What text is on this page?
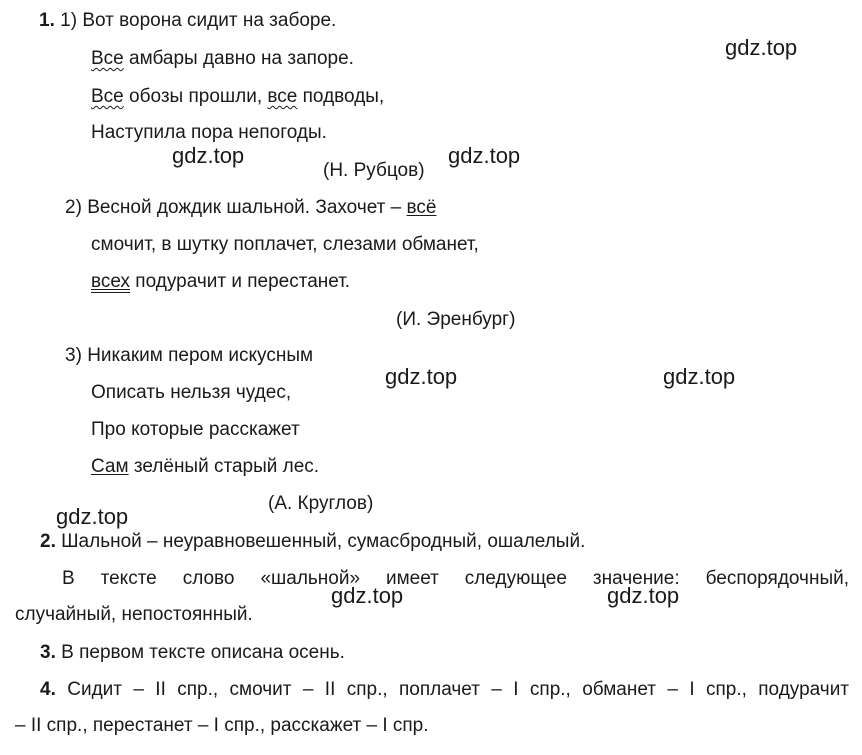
gdz.top
gdz.top	gdz.top
gdz.top	gdz.top
gdz.top
gdz.top	gdz.top
1. 1) Вот ворона сидит на заборе.
Все амбары давно на запоре.
Все обозы прошли, все подводы,
Наступила пора непогоды.
(Н. Рубцов)
2) Весной дождик шальной. Захочет – всё
смочит, в шутку поплачет, слезами обманет,
всех подурачит и перестанет.
(И. Эренбург)
3) Никаким пером искусным
Описать нельзя чудес,
Про которые расскажет
Сам зелёный старый лес.
(А. Круглов)
2. Шальной – неуравновешенный, сумасбродный, ошалелый.
В тексте слово «шальной» имеет следующее значение: беспорядочный,
случайный, непостоянный.
3. В первом тексте описана осень.
4. Сидит – II спр., смочит – II спр., поплачет – I спр., обманет – I спр., подурачит
– II спр., перестанет – I спр., расскажет – I спр.
